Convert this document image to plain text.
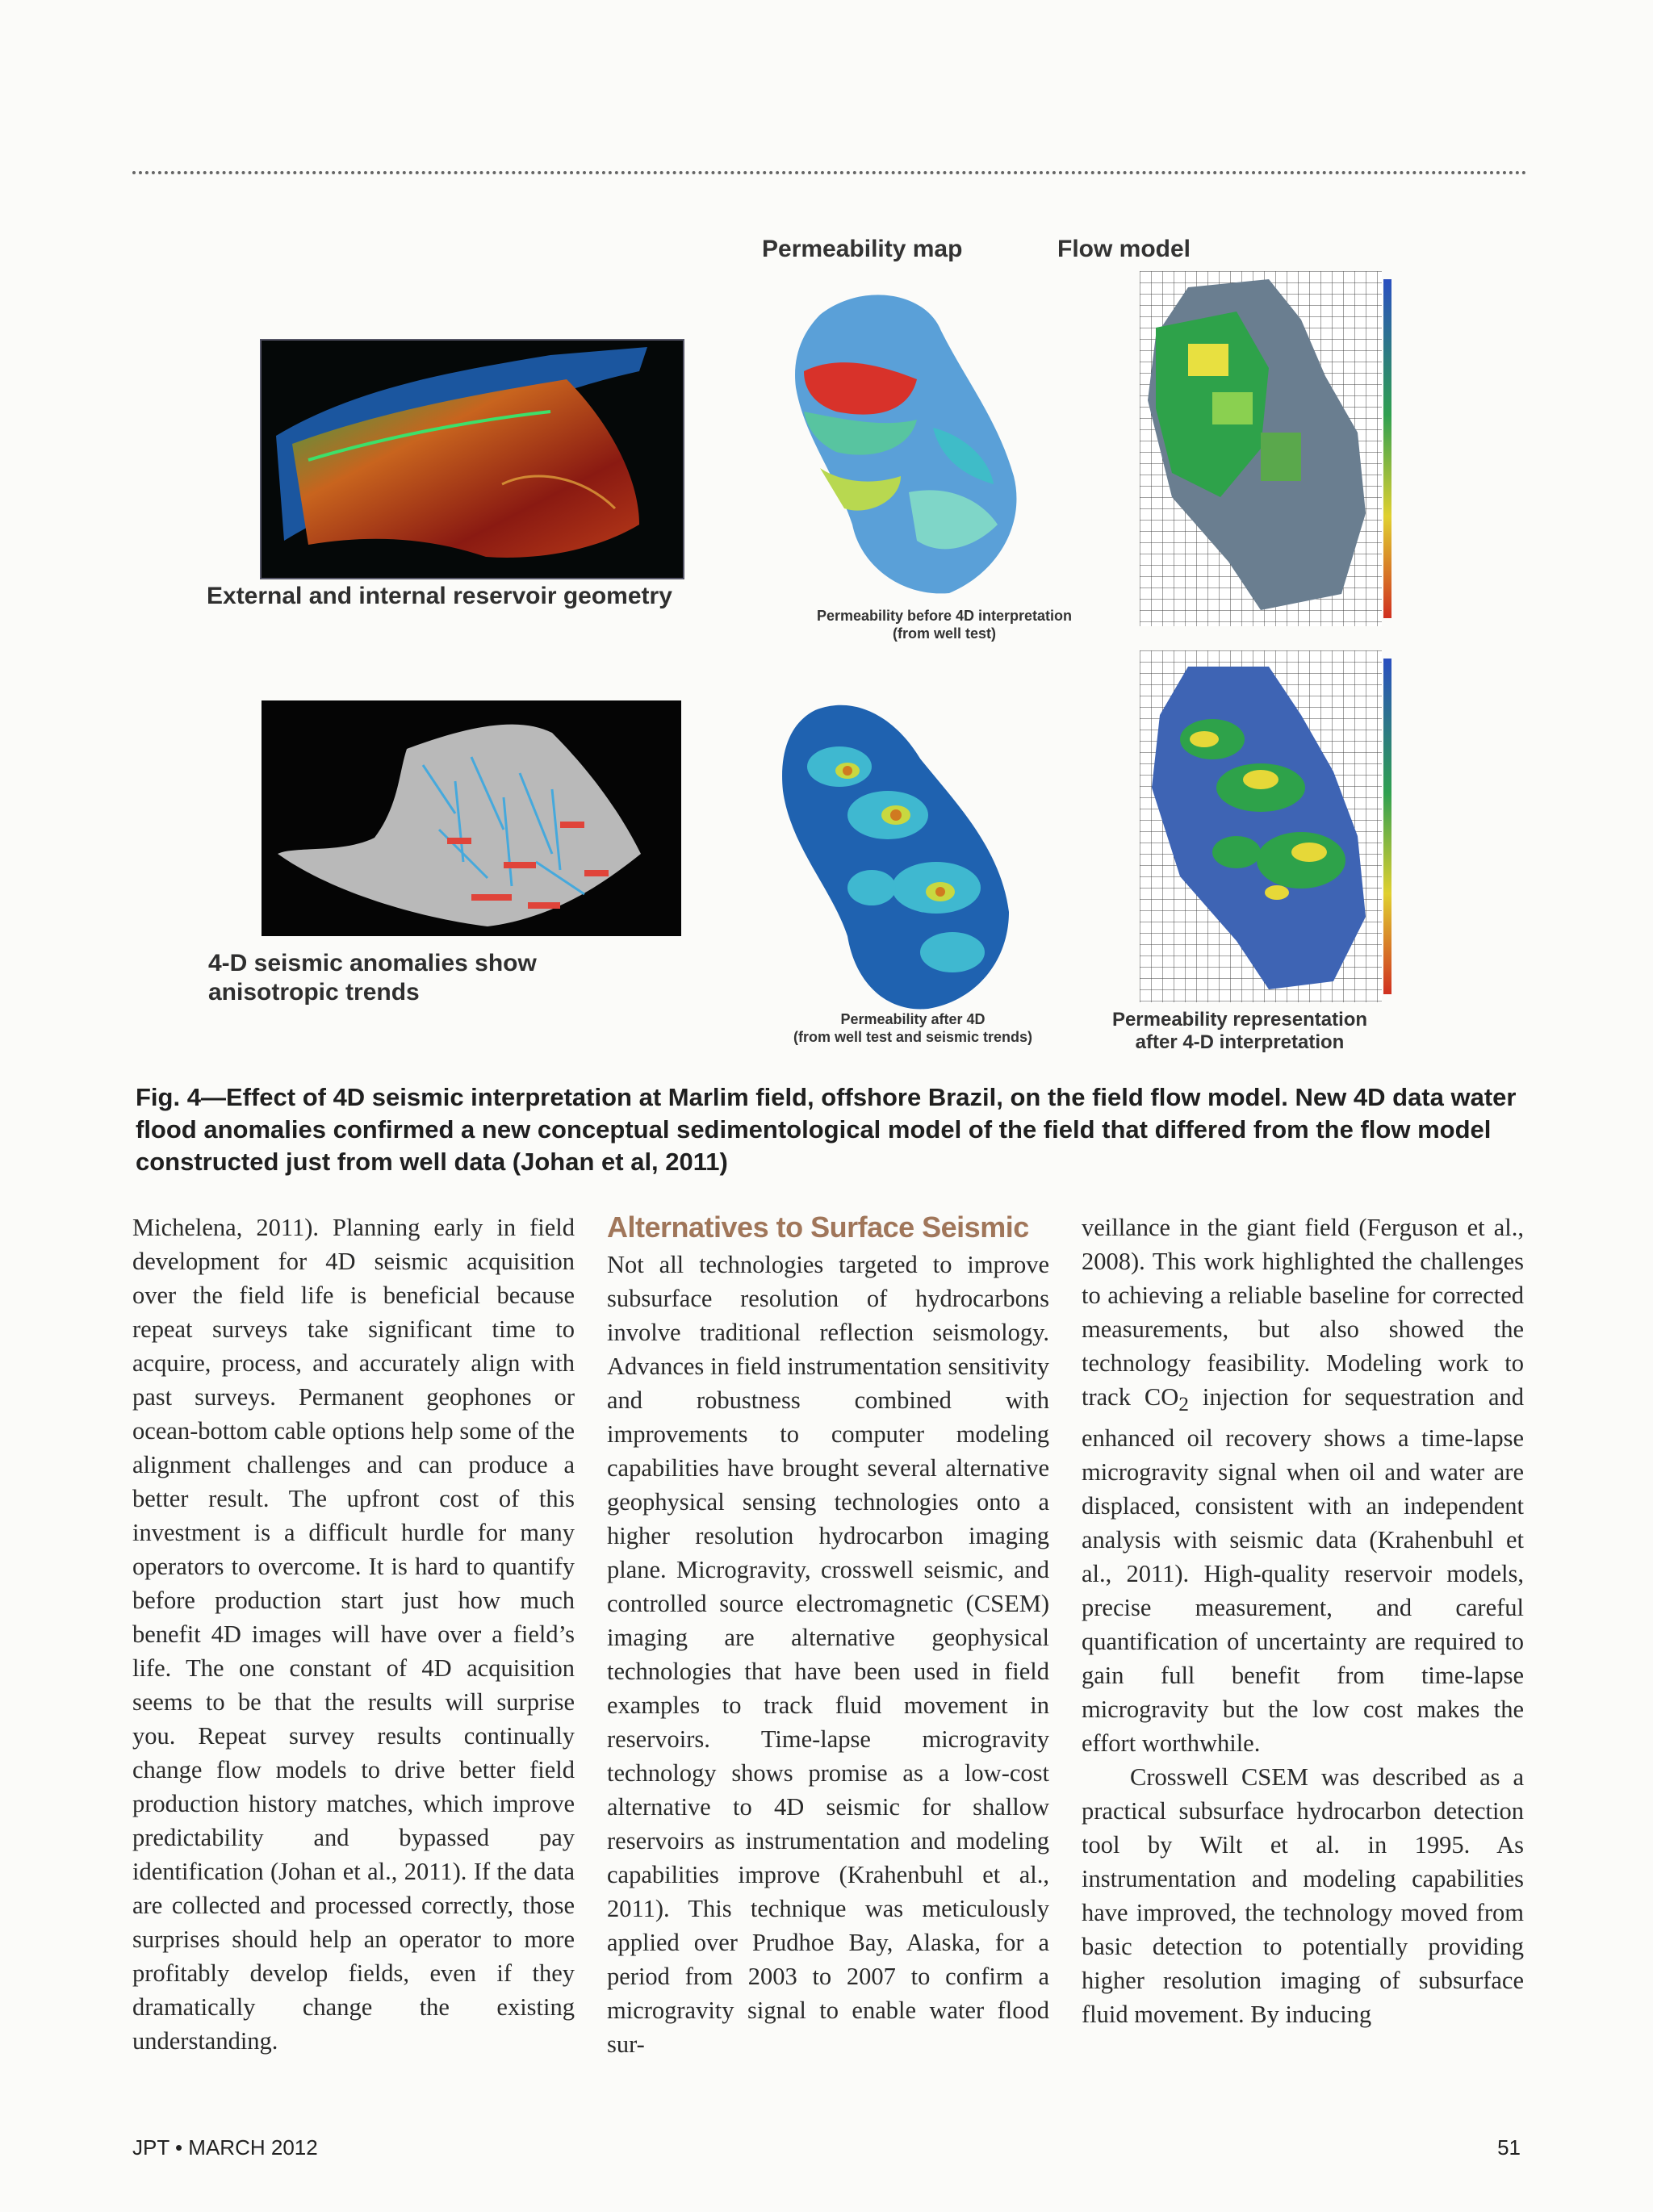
Permeability map	Flow model
External and internal reservoir geometry
4-D seismic anomalies show
anisotropic trends
Permeability before 4D interpretation
(from well test)
Permeability after 4D
(from well test and seismic trends)
Permeability representation
after 4-D interpretation
Fig. 4—Effect of 4D seismic interpretation at Marlim field, offshore Brazil, on the field flow model. New 4D data water flood anomalies confirmed a new conceptual sedimentological model of the field that differed from the flow model constructed just from well data (Johan et al, 2011)

Michelena, 2011). Planning early in field development for 4D seismic acquisition over the field life is beneficial because repeat surveys take significant time to acquire, process, and accurately align with past surveys. Permanent geophones or ocean-bottom cable options help some of the alignment challenges and can produce a better result. The upfront cost of this investment is a difficult hurdle for many operators to overcome. It is hard to quantify before production start just how much benefit 4D images will have over a field’s life. The one constant of 4D acquisition seems to be that the results will surprise you. Repeat survey results continually change flow models to drive better field production history matches, which improve predictability and bypassed pay identification (Johan et al., 2011). If the data are collected and processed correctly, those surprises should help an operator to more profitably develop fields, even if they dramatically change the existing understanding.

Alternatives to Surface Seismic

Not all technologies targeted to improve subsurface resolution of hydrocarbons involve traditional reflection seismology. Advances in field instrumentation sensitivity and robustness combined with improvements to computer modeling capabilities have brought several alternative geophysical sensing technologies onto a higher resolution hydrocarbon imaging plane. Microgravity, crosswell seismic, and controlled source electromagnetic (CSEM) imaging are alternative geophysical technologies that have been used in field examples to track fluid movement in reservoirs. Time-lapse microgravity technology shows promise as a low-cost alternative to 4D seismic for shallow reservoirs as instrumentation and modeling capabilities improve (Krahenbuhl et al., 2011). This technique was meticulously applied over Prudhoe Bay, Alaska, for a period from 2003 to 2007 to confirm a microgravity signal to enable water flood sur-

veillance in the giant field (Ferguson et al., 2008). This work highlighted the challenges to achieving a reliable baseline for corrected measurements, but also showed the technology feasibility. Modeling work to track $CO_2$ injection for sequestration and enhanced oil recovery shows a time-lapse microgravity signal when oil and water are displaced, consistent with an independent analysis with seismic data (Krahenbuhl et al., 2011). High-quality reservoir models, precise measurement, and careful quantification of uncertainty are required to gain full benefit from time-lapse microgravity but the low cost makes the effort worthwhile.

Crosswell CSEM was described as a practical subsurface hydrocarbon detection tool by Wilt et al. in 1995. As instrumentation and modeling capabilities have improved, the technology moved from basic detection to potentially providing higher resolution imaging of subsurface fluid movement. By inducing

JPT • MARCH 2012	51
